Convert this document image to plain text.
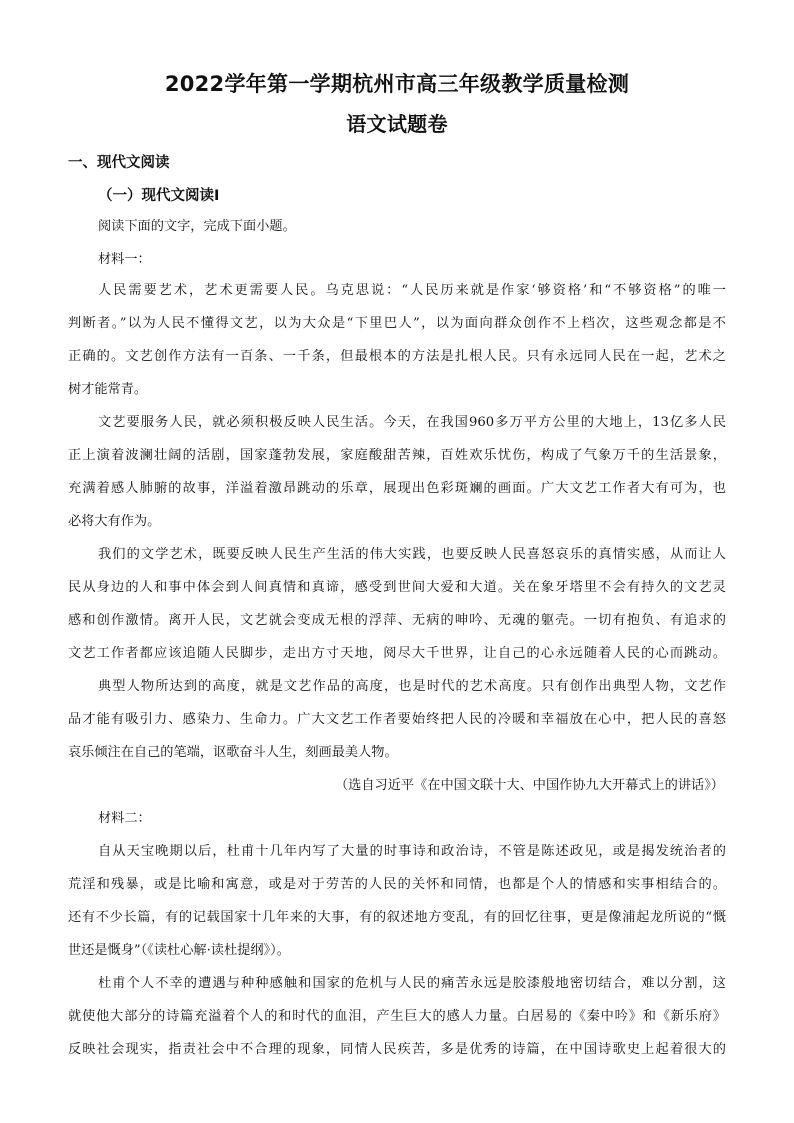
2022学年第一学期杭州市高三年级教学质量检测
语文试题卷
一、现代文阅读
（一）现代文阅读Ⅰ
阅读下面的文字，完成下面小题。
材料一：
人民需要艺术，艺术更需要人民。乌克思说：“人民历来就是作家‘够资格’和“不够资格”的唯一
判断者。”以为人民不懂得文艺，以为大众是“下里巴人”，以为面向群众创作不上档次，这些观念都是不
正确的。文艺创作方法有一百条、一千条，但最根本的方法是扎根人民。只有永远同人民在一起，艺术之
树才能常青。
文艺要服务人民，就必须积极反映人民生活。今天，在我国960多万平方公里的大地上，13亿多人民
正上演着波澜壮阔的活剧，国家蓬勃发展，家庭酸甜苦辣，百姓欢乐忧伤，构成了气象万千的生活景象，
充满着感人肺腑的故事，洋溢着激昂跳动的乐章，展现出色彩斑斓的画面。广大文艺工作者大有可为，也
必将大有作为。
我们的文学艺术，既要反映人民生产生活的伟大实践，也要反映人民喜怒哀乐的真情实感，从而让人
民从身边的人和事中体会到人间真情和真谛，感受到世间大爱和大道。关在象牙塔里不会有持久的文艺灵
感和创作激情。离开人民，文艺就会变成无根的浮萍、无病的呻吟、无魂的躯壳。一切有抱负、有追求的
文艺工作者都应该追随人民脚步，走出方寸天地，阅尽大千世界，让自己的心永远随着人民的心而跳动。
典型人物所达到的高度，就是文艺作品的高度，也是时代的艺术高度。只有创作出典型人物，文艺作
品才能有吸引力、感染力、生命力。广大文艺工作者要始终把人民的冷暖和幸福放在心中，把人民的喜怒
哀乐倾注在自己的笔端，讴歌奋斗人生，刻画最美人物。
（选自习近平《在中国文联十大、中国作协九大开幕式上的讲话》）
材料二：
自从天宝晚期以后，杜甫十几年内写了大量的时事诗和政治诗，不管是陈述政见，或是揭发统治者的
荒淫和残暴，或是比喻和寓意，或是对于劳苦的人民的关怀和同情，也都是个人的情感和实事相结合的。
还有不少长篇，有的记载国家十几年来的大事，有的叙述地方变乱，有的回忆往事，更是像浦起龙所说的“慨
世还是慨身”（《读杜心解·读杜提纲》）。
杜甫个人不幸的遭遇与种种感触和国家的危机与人民的痛苦永远是胶漆般地密切结合，难以分割，这
就使他大部分的诗篇充溢着个人的和时代的血泪，产生巨大的感人力量。白居易的《秦中吟》和《新乐府》
反映社会现实，指责社会中不合理的现象，同情人民疾苦，多是优秀的诗篇，在中国诗歌史上起着很大的
